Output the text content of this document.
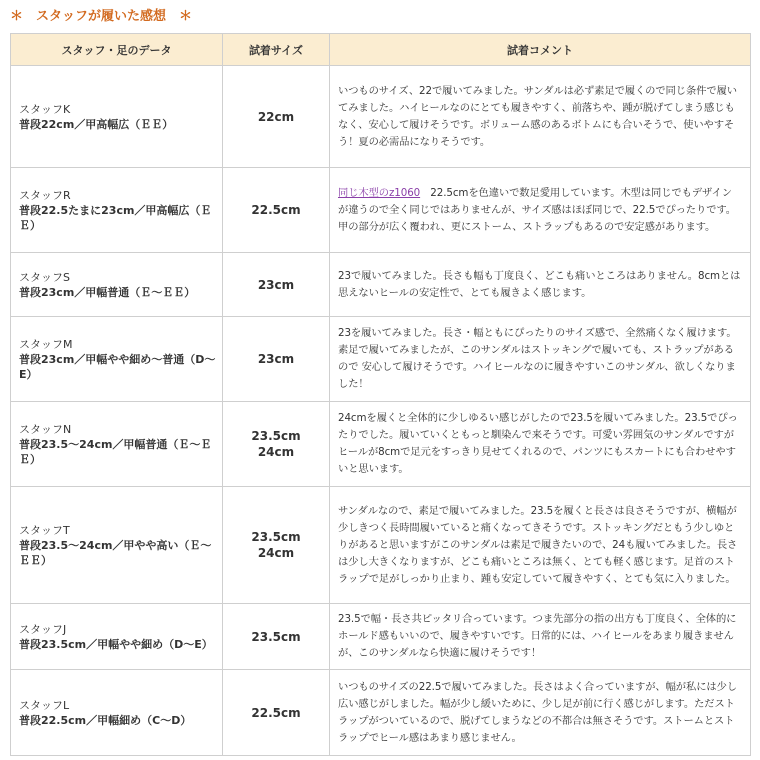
＊　スタッフが履いた感想　＊
スタッフ・足のデータ	試着サイズ	試着コメント

スタッフK
普段22cm／甲高幅広（ＥＥ）	22cm	いつものサイズ、22で履いてみました。サンダルは必ず素足で履くので同じ条件で履いてみました。ハイヒールなのにとても履きやすく、前落ちや、踵が脱げてしまう感じもなく、安心して履けそうです。ボリューム感のあるボトムにも合いそうで、使いやすそう！夏の必需品になりそうです。

スタッフR
普段22.5たまに23cm／甲高幅広（ＥＥ）	22.5cm	同じ木型のz1060　22.5cmを色違いで数足愛用しています。木型は同じでもデザインが違うので全く同じではありませんが、サイズ感はほぼ同じで、22.5でぴったりです。甲の部分が広く覆われ、更にストーム、ストラップもあるので安定感があります。

スタッフS
普段23cm／甲幅普通（Ｅ～ＥＥ）	23cm	23で履いてみました。長さも幅も丁度良く、どこも痛いところはありません。8cmとは思えないヒールの安定性で、とても履きよく感じます。

スタッフM
普段23cm／甲幅やや細め～普通（D～E）	23cm	23を履いてみました。長さ・幅ともにぴったりのサイズ感で、全然痛くなく履けます。 素足で履いてみましたが、このサンダルはストッキングで履いても、ストラップがあるので 安心して履けそうです。ハイヒールなのに履きやすいこのサンダル、欲しくなりました！

スタッフN
普段23.5～24cm／甲幅普通（Ｅ～ＥＥ）	23.5cm
24cm	24cmを履くと全体的に少しゆるい感じがしたので23.5を履いてみました。23.5でぴったりでした。履いていくともっと馴染んで来そうです。可愛い雰囲気のサンダルですがヒールが8cmで足元をすっきり見せてくれるので、パンツにもスカートにも合わせやすいと思います。

スタッフT
普段23.5～24cm／甲やや高い（Ｅ～ＥＥ）	23.5cm
24cm	サンダルなので、素足で履いてみました。23.5を履くと長さは良さそうですが、横幅が少しきつく長時間履いていると痛くなってきそうです。ストッキングだともう少しゆとりがあると思いますがこのサンダルは素足で履きたいので、24も履いてみました。長さは少し大きくなりますが、どこも痛いところは無く、とても軽く感じます。足首のストラップで足がしっかり止まり、踵も安定していて履きやすく、とても気に入りました。

スタッフJ
普段23.5cm／甲幅やや細め（D～E）	23.5cm	23.5で幅・長さ共ピッタリ合っています。つま先部分の指の出方も丁度良く、全体的にホールド感もいいので、履きやすいです。日常的には、ハイヒールをあまり履きませんが、このサンダルなら快適に履けそうです！

スタッフL
普段22.5cm／甲幅細め（C～D）	22.5cm	いつものサイズの22.5で履いてみました。長さはよく合っていますが、幅が私には少し広い感じがしました。幅が少し緩いために、少し足が前に行く感じがします。ただストラップがついているので、脱げてしまうなどの不都合は無さそうです。ストームとストラップでヒール感はあまり感じません。
